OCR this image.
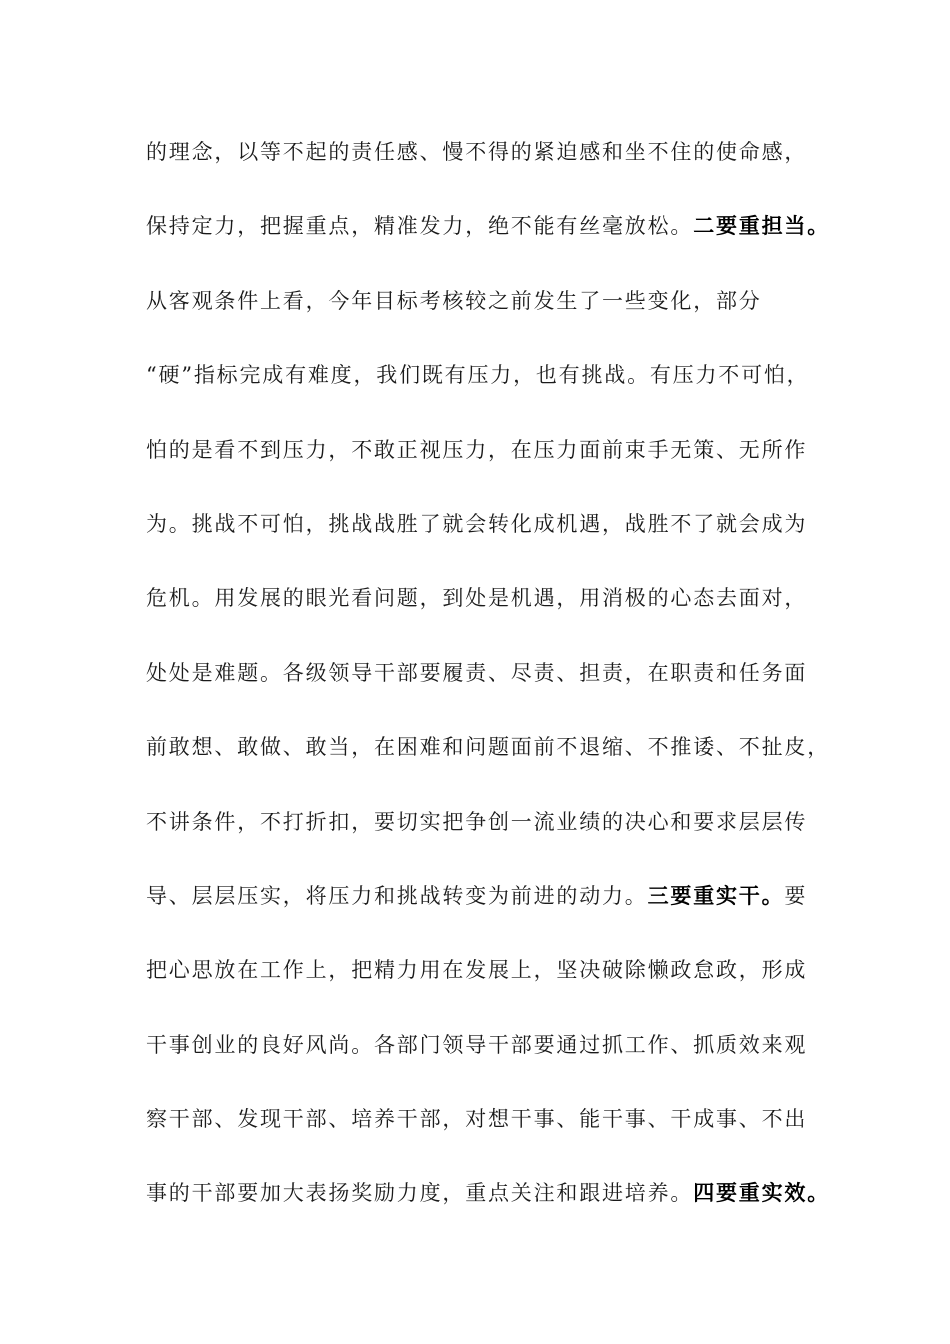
的理念，以等不起的责任感、慢不得的紧迫感和坐不住的使命感，
保持定力，把握重点，精准发力，绝不能有丝毫放松。二要重担当。
从客观条件上看，今年目标考核较之前发生了一些变化，部分
“硬”指标完成有难度，我们既有压力，也有挑战。有压力不可怕，
怕的是看不到压力，不敢正视压力，在压力面前束手无策、无所作
为。挑战不可怕，挑战战胜了就会转化成机遇，战胜不了就会成为
危机。用发展的眼光看问题，到处是机遇，用消极的心态去面对，
处处是难题。各级领导干部要履责、尽责、担责，在职责和任务面
前敢想、敢做、敢当，在困难和问题面前不退缩、不推诿、不扯皮，
不讲条件，不打折扣，要切实把争创一流业绩的决心和要求层层传
导、层层压实，将压力和挑战转变为前进的动力。三要重实干。要
把心思放在工作上，把精力用在发展上，坚决破除懒政怠政，形成
干事创业的良好风尚。各部门领导干部要通过抓工作、抓质效来观
察干部、发现干部、培养干部，对想干事、能干事、干成事、不出
事的干部要加大表扬奖励力度，重点关注和跟进培养。四要重实效。
